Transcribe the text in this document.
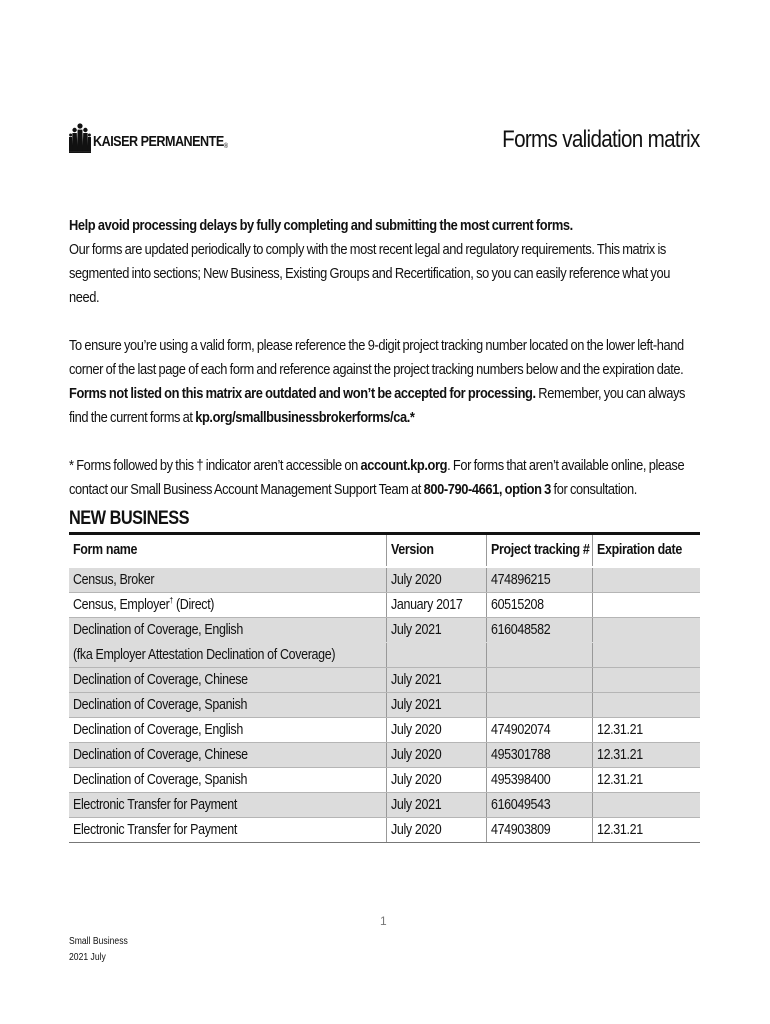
KAISER PERMANENTE®	Forms validation matrix

Help avoid processing delays by fully completing and submitting the most current forms.
Our forms are updated periodically to comply with the most recent legal and regulatory requirements. This matrix is segmented into sections; New Business, Existing Groups and Recertification, so you can easily reference what you need.

To ensure you’re using a valid form, please reference the 9-digit project tracking number located on the lower left-hand corner of the last page of each form and reference against the project tracking numbers below and the expiration date. Forms not listed on this matrix are outdated and won’t be accepted for processing. Remember, you can always find the current forms at kp.org/smallbusinessbrokerforms/ca.*

* Forms followed by this † indicator aren’t accessible on account.kp.org. For forms that aren’t available online, please contact our Small Business Account Management Support Team at 800-790-4661, option 3 for consultation.

NEW BUSINESS
Form name	Version	Project tracking #	Expiration date
Census, Broker	July 2020	474896215	
Census, Employer† (Direct)	January 2017	60515208	
Declination of Coverage, English	July 2021	616048582	
(fka Employer Attestation Declination of Coverage)			
Declination of Coverage, Chinese	July 2021		
Declination of Coverage, Spanish	July 2021		
Declination of Coverage, English	July 2020	474902074	12.31.21
Declination of Coverage, Chinese	July 2020	495301788	12.31.21
Declination of Coverage, Spanish	July 2020	495398400	12.31.21
Electronic Transfer for Payment	July 2021	616049543	
Electronic Transfer for Payment	July 2020	474903809	12.31.21
1
Small Business
2021 July
